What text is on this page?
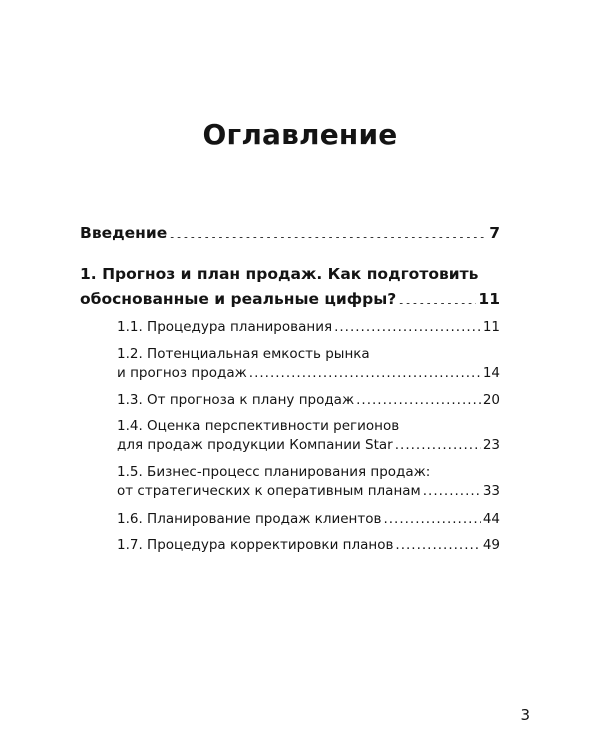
Оглавление
Введение .....	7
1. Прогноз и план продаж. Как подготовить
обоснованные и реальные цифры? .....	11
1.1. Процедура планирования .....	11
1.2. Потенциальная емкость рынка
и прогноз продаж .....	14
1.3. От прогноза к плану продаж .....	20
1.4. Оценка перспективности регионов
для продаж продукции Компании Star .....	23
1.5. Бизнес-процесс планирования продаж:
от стратегических к оперативным планам .....	33
1.6. Планирование продаж клиентов .....	44
1.7. Процедура корректировки планов .....	49
3
